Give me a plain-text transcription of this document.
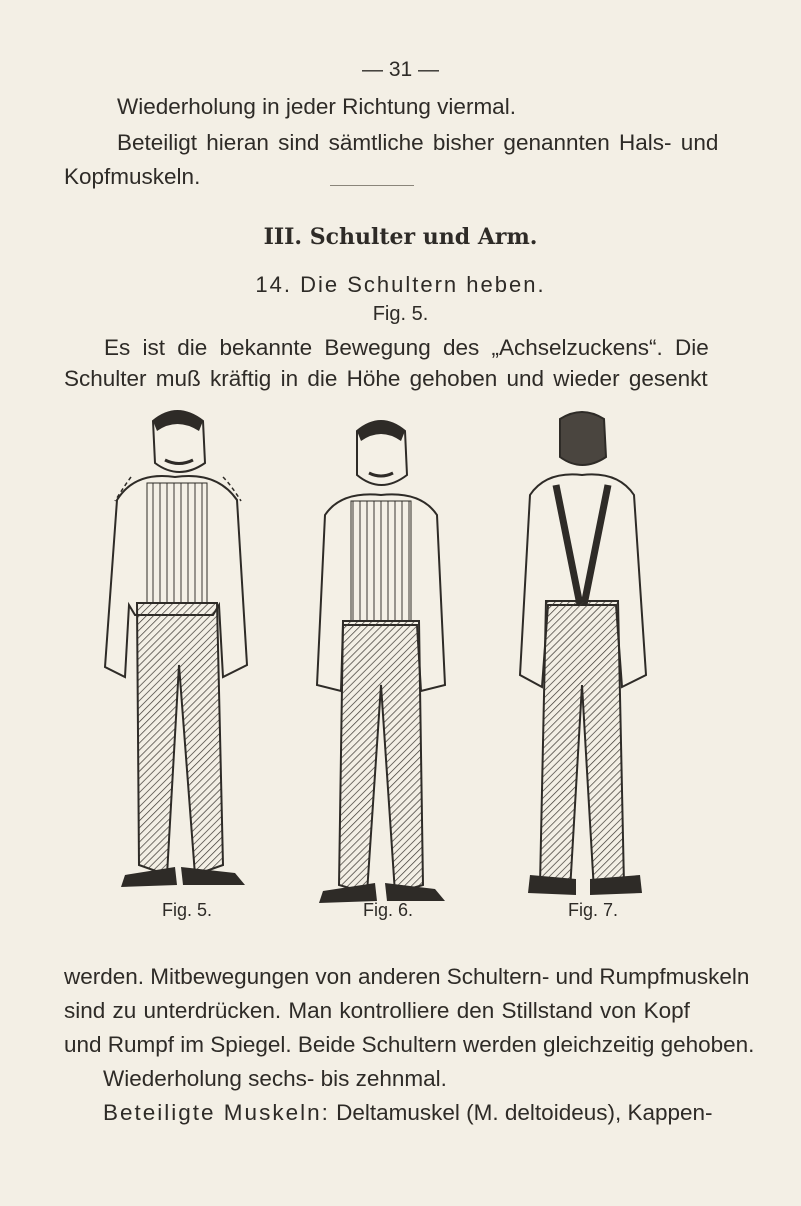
— 31 —
Wiederholung in jeder Richtung viermal.
Beteiligt hieran sind sämtliche bisher genannten Hals- und
Kopfmuskeln.
III. Schulter und Arm.
14. Die Schultern heben.
Fig. 5.
Es ist die bekannte Bewegung des „Achselzuckens“. Die
Schulter muß kräftig in die Höhe gehoben und wieder gesenkt
Fig. 5.	Fig. 6.	Fig. 7.
werden. Mitbewegungen von anderen Schultern- und Rumpfmuskeln
sind zu unterdrücken. Man kontrolliere den Stillstand von Kopf
und Rumpf im Spiegel. Beide Schultern werden gleichzeitig gehoben.
Wiederholung sechs- bis zehnmal.
Beteiligte Muskeln: Deltamuskel (M. deltoideus), Kappen-
